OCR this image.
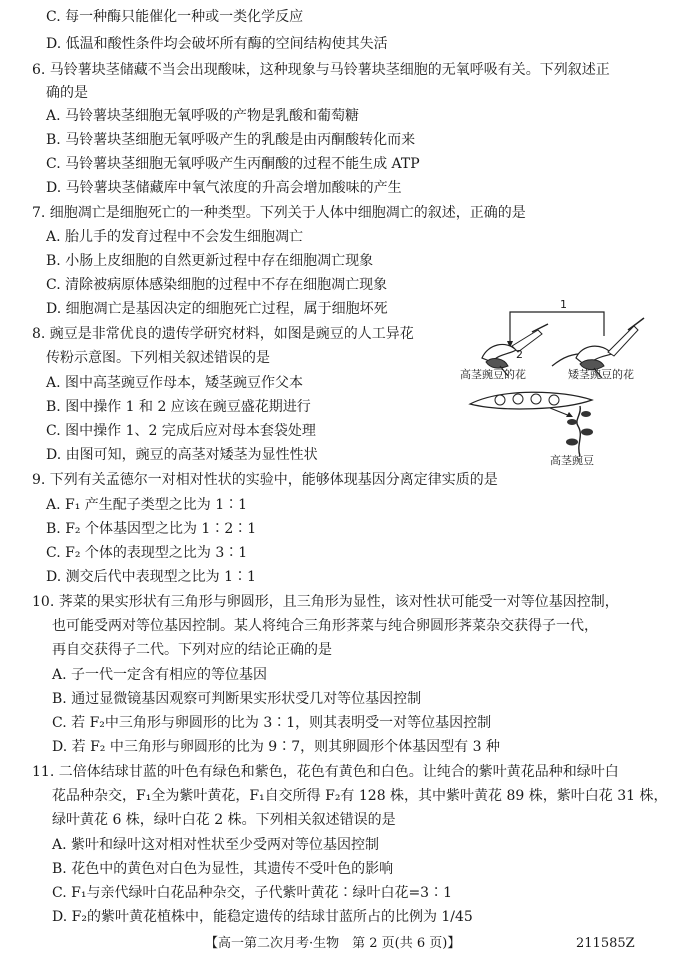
C. 每一种酶只能催化一种或一类化学反应
D. 低温和酸性条件均会破坏所有酶的空间结构使其失活
6. 马铃薯块茎储藏不当会出现酸味，这种现象与马铃薯块茎细胞的无氧呼吸有关。下列叙述正
确的是
A. 马铃薯块茎细胞无氧呼吸的产物是乳酸和葡萄糖
B. 马铃薯块茎细胞无氧呼吸产生的乳酸是由丙酮酸转化而来
C. 马铃薯块茎细胞无氧呼吸产生丙酮酸的过程不能生成 ATP
D. 马铃薯块茎储藏库中氧气浓度的升高会增加酸味的产生
7. 细胞凋亡是细胞死亡的一种类型。下列关于人体中细胞凋亡的叙述，正确的是
A. 胎儿手的发育过程中不会发生细胞凋亡
B. 小肠上皮细胞的自然更新过程中存在细胞凋亡现象
C. 清除被病原体感染细胞的过程中不存在细胞凋亡现象
D. 细胞凋亡是基因决定的细胞死亡过程，属于细胞坏死
8. 豌豆是非常优良的遗传学研究材料，如图是豌豆的人工异花
传粉示意图。下列相关叙述错误的是
A. 图中高茎豌豆作母本，矮茎豌豆作父本
B. 图中操作 1 和 2 应该在豌豆盛花期进行
C. 图中操作 1、2 完成后应对母本套袋处理
D. 由图可知，豌豆的高茎对矮茎为显性性状
9. 下列有关孟德尔一对相对性状的实验中，能够体现基因分离定律实质的是
A. F₁ 产生配子类型之比为 1∶1
B. F₂ 个体基因型之比为 1∶2∶1
C. F₂ 个体的表现型之比为 3∶1
D. 测交后代中表现型之比为 1∶1
10. 荠菜的果实形状有三角形与卵圆形，且三角形为显性，该对性状可能受一对等位基因控制，
也可能受两对等位基因控制。某人将纯合三角形荠菜与纯合卵圆形荠菜杂交获得子一代，
再自交获得子二代。下列对应的结论正确的是
A. 子一代一定含有相应的等位基因
B. 通过显微镜基因观察可判断果实形状受几对等位基因控制
C. 若 F₂中三角形与卵圆形的比为 3∶1，则其表明受一对等位基因控制
D. 若 F₂ 中三角形与卵圆形的比为 9∶7，则其卵圆形个体基因型有 3 种
11. 二倍体结球甘蓝的叶色有绿色和紫色，花色有黄色和白色。让纯合的紫叶黄花品种和绿叶白
花品种杂交，F₁全为紫叶黄花，F₁自交所得 F₂有 128 株，其中紫叶黄花 89 株，紫叶白花 31 株，
绿叶黄花 6 株，绿叶白花 2 株。下列相关叙述错误的是
A. 紫叶和绿叶这对相对性状至少受两对等位基因控制
B. 花色中的黄色对白色为显性，其遗传不受叶色的影响
C. F₁与亲代绿叶白花品种杂交，子代紫叶黄花∶绿叶白花=3∶1
D. F₂的紫叶黄花植株中，能稳定遗传的结球甘蓝所占的比例为 1/45
1
2
高茎豌豆的花	矮茎豌豆的花
高茎豌豆
【高一第二次月考·生物　第 2 页(共 6 页)】	211585Z
